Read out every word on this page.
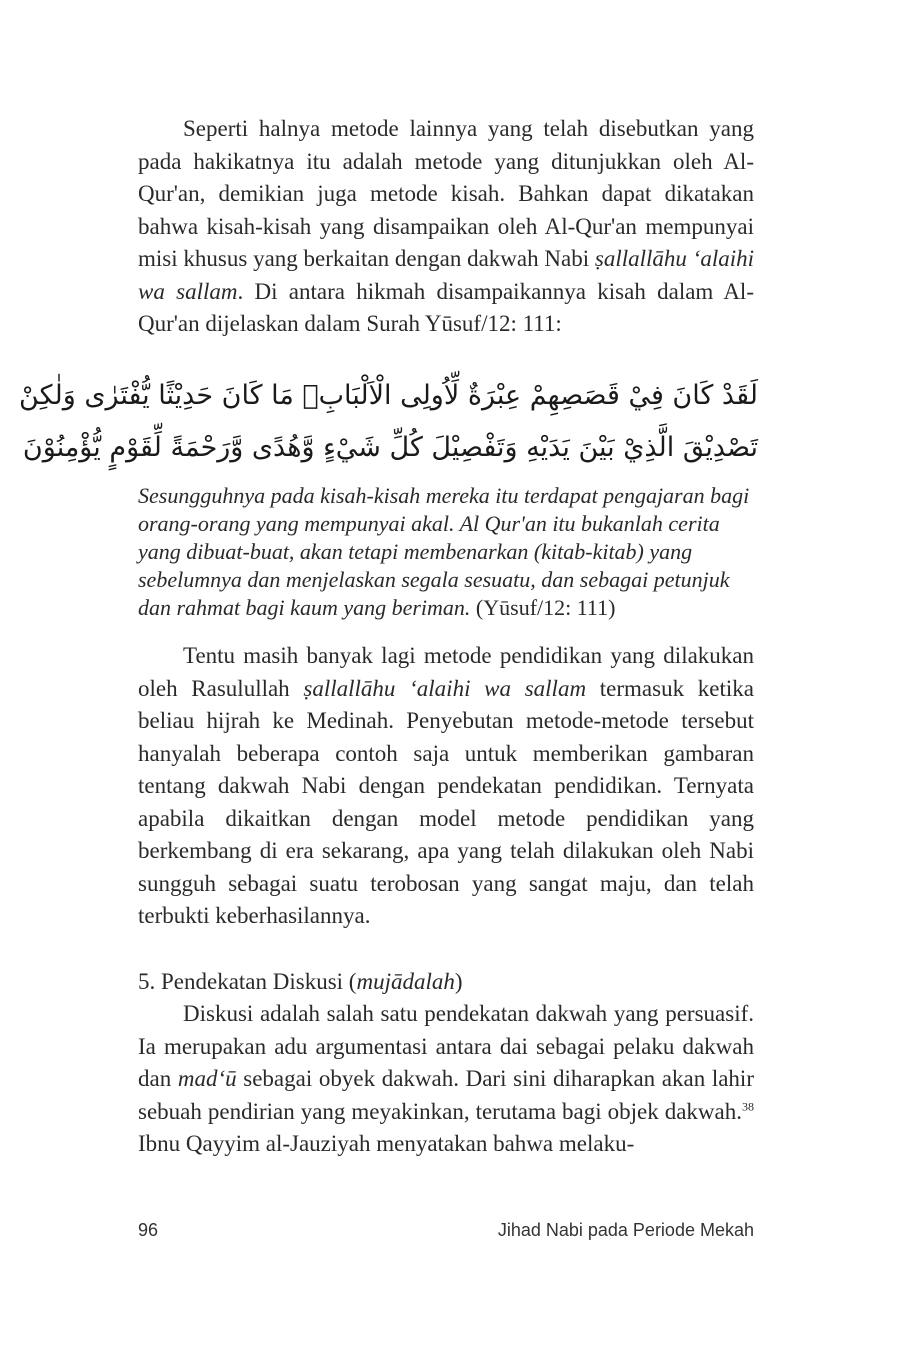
Seperti halnya metode lainnya yang telah disebutkan yang pada hakikatnya itu adalah metode yang ditunjukkan oleh Al-Qur'an, demikian juga metode kisah. Bahkan dapat dikatakan bahwa kisah-kisah yang disampaikan oleh Al-Qur'an mempunyai misi khusus yang berkaitan dengan dakwah Nabi ṣallallāhu ‘alaihi wa sallam. Di antara hikmah disampaikannya kisah dalam Al-Qur'an dijelaskan dalam Surah Yūsuf/12: 111:
لَقَدْ كَانَ فِيْ قَصَصِهِمْ عِبْرَةٌ لِّاُولِى الْاَلْبَابِۗ مَا كَانَ حَدِيْثًا يُّفْتَرٰى وَلٰكِنْ
تَصْدِيْقَ الَّذِيْ بَيْنَ يَدَيْهِ وَتَفْصِيْلَ كُلِّ شَيْءٍ وَّهُدًى وَّرَحْمَةً لِّقَوْمٍ يُّؤْمِنُوْنَ
Sesungguhnya pada kisah-kisah mereka itu terdapat pengajaran bagi orang-orang yang mempunyai akal. Al Qur'an itu bukanlah cerita yang dibuat-buat, akan tetapi membenarkan (kitab-kitab) yang sebelumnya dan menjelaskan segala sesuatu, dan sebagai petunjuk dan rahmat bagi kaum yang beriman. (Yūsuf/12: 111)
Tentu masih banyak lagi metode pendidikan yang dilakukan oleh Rasulullah ṣallallāhu ‘alaihi wa sallam termasuk ketika beliau hijrah ke Medinah. Penyebutan metode-metode tersebut hanyalah beberapa contoh saja untuk memberikan gambaran tentang dakwah Nabi dengan pendekatan pendidikan. Ternyata apabila dikaitkan dengan model metode pendidikan yang berkembang di era sekarang, apa yang telah dilakukan oleh Nabi sungguh sebagai suatu terobosan yang sangat maju, dan telah terbukti keberhasilannya.
5. Pendekatan Diskusi (mujādalah)
Diskusi adalah salah satu pendekatan dakwah yang persuasif. Ia merupakan adu argumentasi antara dai sebagai pelaku dakwah dan mad‘ū sebagai obyek dakwah. Dari sini diharapkan akan lahir sebuah pendirian yang meyakinkan, terutama bagi objek dakwah.$^{38}$ Ibnu Qayyim al-Jauziyah menyatakan bahwa melaku-
96	Jihad Nabi pada Periode Mekah
